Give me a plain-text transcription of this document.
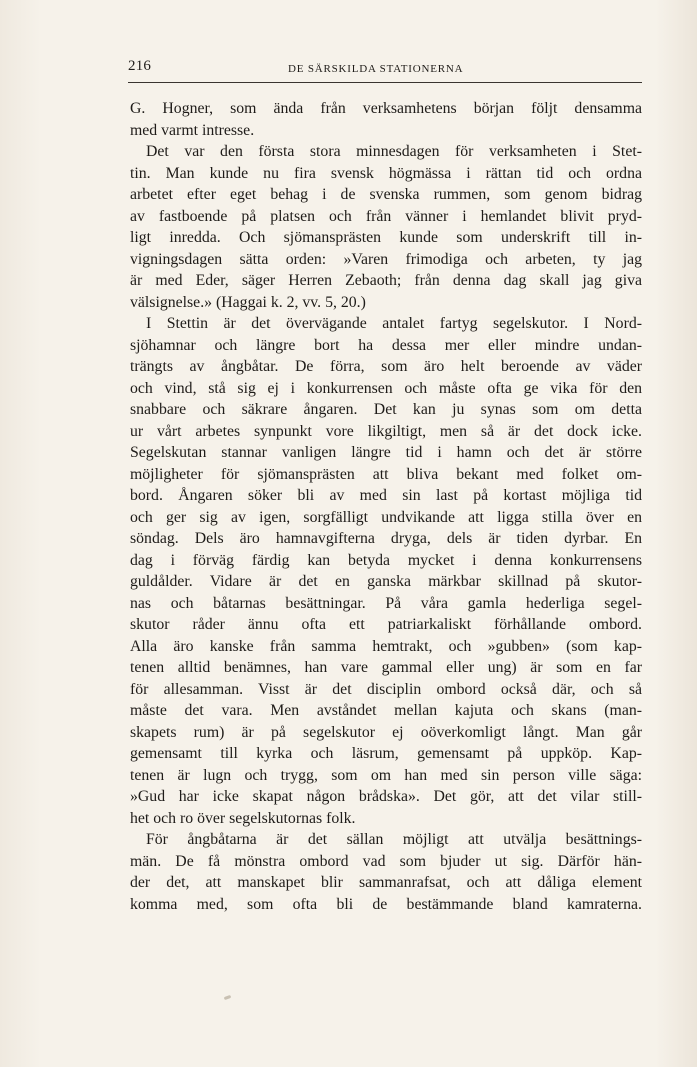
216	DE SÄRSKILDA STATIONERNA
G. Hogner, som ända från verksamhetens början följt densamma
med varmt intresse.
Det var den första stora minnesdagen för verksamheten i Stet-
tin. Man kunde nu fira svensk högmässa i rättan tid och ordna
arbetet efter eget behag i de svenska rummen, som genom bidrag
av fastboende på platsen och från vänner i hemlandet blivit pryd-
ligt inredda. Och sjömansprästen kunde som underskrift till in-
vigningsdagen sätta orden: »Varen frimodiga och arbeten, ty jag
är med Eder, säger Herren Zebaoth; från denna dag skall jag giva
välsignelse.» (Haggai k. 2, vv. 5, 20.)
I Stettin är det övervägande antalet fartyg segelskutor. I Nord-
sjöhamnar och längre bort ha dessa mer eller mindre undan-
trängts av ångbåtar. De förra, som äro helt beroende av väder
och vind, stå sig ej i konkurrensen och måste ofta ge vika för den
snabbare och säkrare ångaren. Det kan ju synas som om detta
ur vårt arbetes synpunkt vore likgiltigt, men så är det dock icke.
Segelskutan stannar vanligen längre tid i hamn och det är större
möjligheter för sjömansprästen att bliva bekant med folket om-
bord. Ångaren söker bli av med sin last på kortast möjliga tid
och ger sig av igen, sorgfälligt undvikande att ligga stilla över en
söndag. Dels äro hamnavgifterna dryga, dels är tiden dyrbar. En
dag i förväg färdig kan betyda mycket i denna konkurrensens
guldålder. Vidare är det en ganska märkbar skillnad på skutor-
nas och båtarnas besättningar. På våra gamla hederliga segel-
skutor råder ännu ofta ett patriarkaliskt förhållande ombord.
Alla äro kanske från samma hemtrakt, och »gubben» (som kap-
tenen alltid benämnes, han vare gammal eller ung) är som en far
för allesamman. Visst är det disciplin ombord också där, och så
måste det vara. Men avståndet mellan kajuta och skans (man-
skapets rum) är på segelskutor ej oöverkomligt långt. Man går
gemensamt till kyrka och läsrum, gemensamt på uppköp. Kap-
tenen är lugn och trygg, som om han med sin person ville säga:
»Gud har icke skapat någon brådska». Det gör, att det vilar still-
het och ro över segelskutornas folk.
För ångbåtarna är det sällan möjligt att utvälja besättnings-
män. De få mönstra ombord vad som bjuder ut sig. Därför hän-
der det, att manskapet blir sammanrafsat, och att dåliga element
komma med, som ofta bli de bestämmande bland kamraterna.
